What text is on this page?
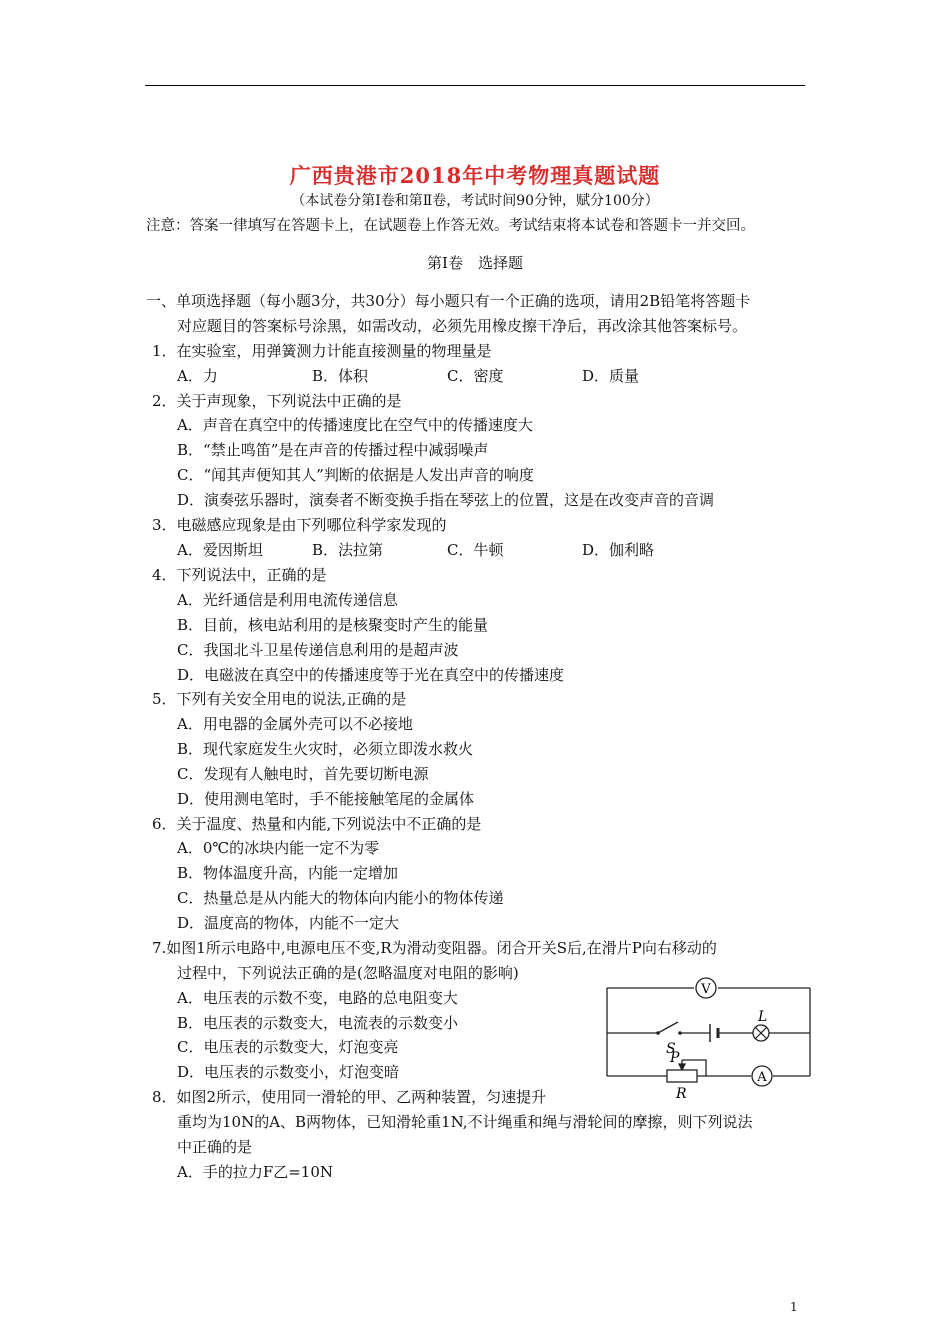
广西贵港市2018年中考物理真题试题
（本试卷分第Ⅰ卷和第Ⅱ卷，考试时间90分钟，赋分100分）
注意：答案一律填写在答题卡上，在试题卷上作答无效。考试结束将本试卷和答题卡一并交回。
第Ⅰ卷　选择题
一、单项选择题（每小题3分，共30分）每小题只有一个正确的选项，请用2B铅笔将答题卡
对应题目的答案标号涂黑，如需改动，必须先用橡皮擦干净后，再改涂其他答案标号。
1．在实验室，用弹簧测力计能直接测量的物理量是
A．力	B．体积	C．密度	D．质量
2．关于声现象，下列说法中正确的是
A．声音在真空中的传播速度比在空气中的传播速度大
B．“禁止鸣笛”是在声音的传播过程中减弱噪声
C．“闻其声便知其人”判断的依据是人发出声音的响度
D．演奏弦乐器时，演奏者不断变换手指在琴弦上的位置，这是在改变声音的音调
3．电磁感应现象是由下列哪位科学家发现的
A．爱因斯坦	B．法拉第	C．牛顿	D．伽利略
4．下列说法中，正确的是
A．光纤通信是利用电流传递信息
B．目前，核电站利用的是核聚变时产生的能量
C．我国北斗卫星传递信息利用的是超声波
D．电磁波在真空中的传播速度等于光在真空中的传播速度
5．下列有关安全用电的说法,正确的是
A．用电器的金属外壳可以不必接地
B．现代家庭发生火灾时，必须立即泼水救火
C．发现有人触电时，首先要切断电源
D．使用测电笔时，手不能接触笔尾的金属体
6．关于温度、热量和内能,下列说法中不正确的是
A．0℃的冰块内能一定不为零
B．物体温度升高，内能一定增加
C．热量总是从内能大的物体向内能小的物体传递
D．温度高的物体，内能不一定大
7.如图1所示电路中,电源电压不变,R为滑动变阻器。闭合开关S后,在滑片P向右移动的
过程中，下列说法正确的是(忽略温度对电阻的影响)
A．电压表的示数不变，电路的总电阻变大
B．电压表的示数变大，电流表的示数变小
C．电压表的示数变大，灯泡变亮
D．电压表的示数变小，灯泡变暗
V
S
L
P
R
A
8．如图2所示，使用同一滑轮的甲、乙两种装置，匀速提升
重均为10N的A、B两物体，已知滑轮重1N,不计绳重和绳与滑轮间的摩擦，则下列说法
中正确的是
A．手的拉力F乙=10N
1
